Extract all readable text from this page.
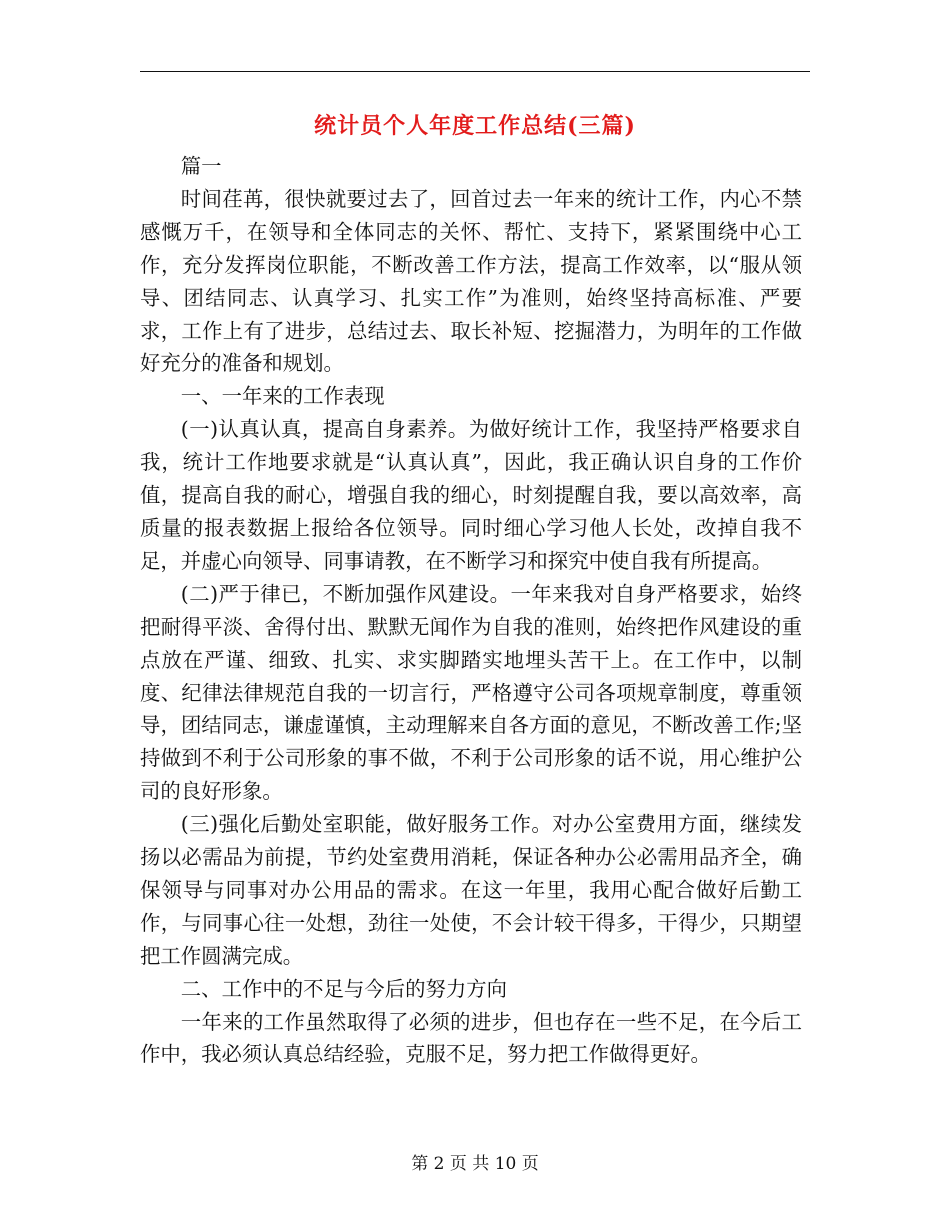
统计员个人年度工作总结(三篇)

篇一

时间荏苒，很快就要过去了，回首过去一年来的统计工作，内心不禁感慨万千，在领导和全体同志的关怀、帮忙、支持下，紧紧围绕中心工作，充分发挥岗位职能，不断改善工作方法，提高工作效率，以“服从领导、团结同志、认真学习、扎实工作”为准则，始终坚持高标准、严要求，工作上有了进步，总结过去、取长补短、挖掘潜力，为明年的工作做好充分的准备和规划。

一、一年来的工作表现

(一)认真认真，提高自身素养。为做好统计工作，我坚持严格要求自我，统计工作地要求就是“认真认真”，因此，我正确认识自身的工作价值，提高自我的耐心，增强自我的细心，时刻提醒自我，要以高效率，高质量的报表数据上报给各位领导。同时细心学习他人长处，改掉自我不足，并虚心向领导、同事请教，在不断学习和探究中使自我有所提高。

(二)严于律已，不断加强作风建设。一年来我对自身严格要求，始终把耐得平淡、舍得付出、默默无闻作为自我的准则，始终把作风建设的重点放在严谨、细致、扎实、求实脚踏实地埋头苦干上。在工作中，以制度、纪律法律规范自我的一切言行，严格遵守公司各项规章制度，尊重领导，团结同志，谦虚谨慎，主动理解来自各方面的意见，不断改善工作;坚持做到不利于公司形象的事不做，不利于公司形象的话不说，用心维护公司的良好形象。

(三)强化后勤处室职能，做好服务工作。对办公室费用方面，继续发扬以必需品为前提，节约处室费用消耗，保证各种办公必需用品齐全，确保领导与同事对办公用品的需求。在这一年里，我用心配合做好后勤工作，与同事心往一处想，劲往一处使，不会计较干得多，干得少，只期望把工作圆满完成。

二、工作中的不足与今后的努力方向

一年来的工作虽然取得了必须的进步，但也存在一些不足，在今后工作中，我必须认真总结经验，克服不足，努力把工作做得更好。

第 2 页 共 10 页
